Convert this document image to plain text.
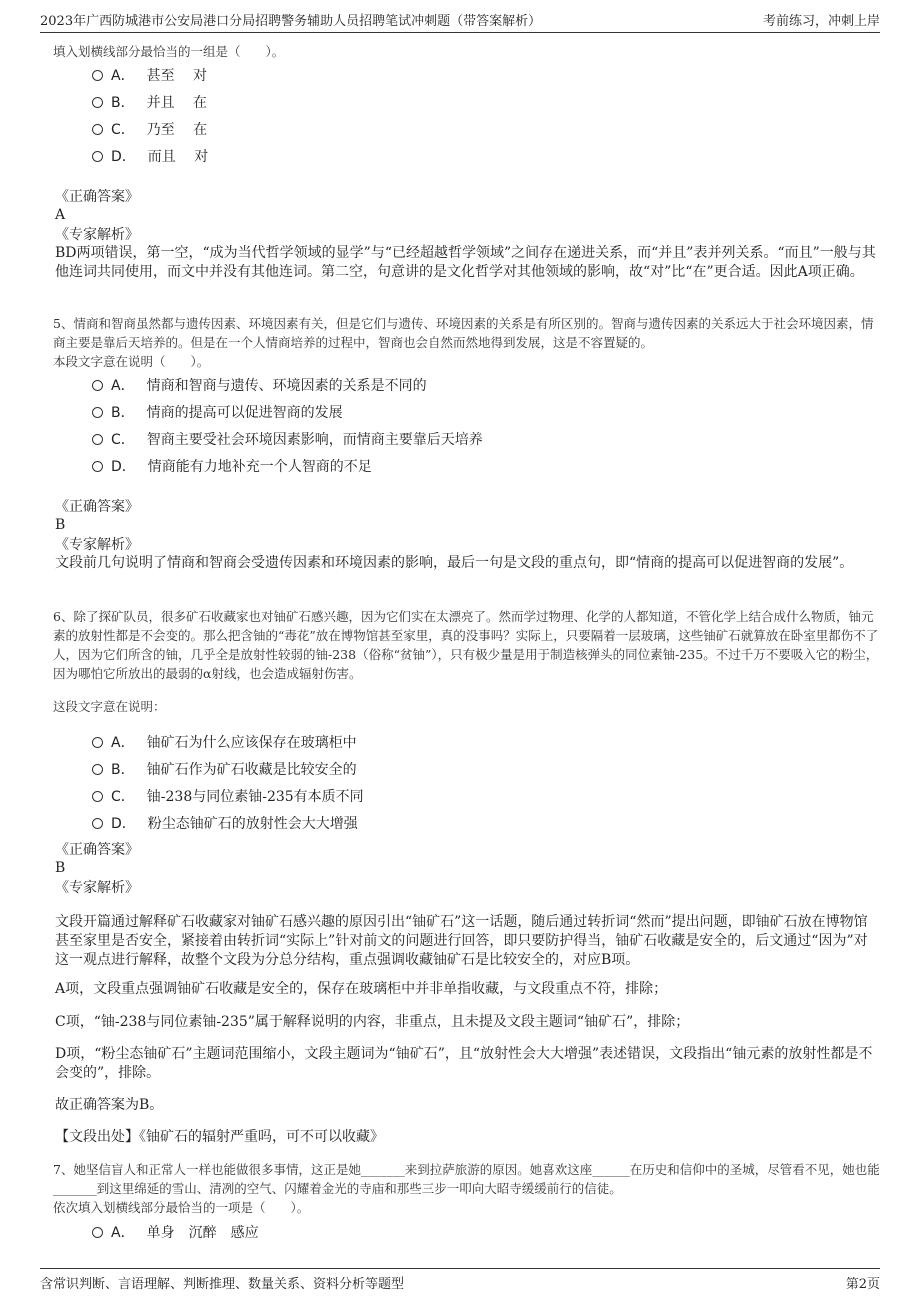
2023年广西防城港市公安局港口分局招聘警务辅助人员招聘笔试冲刺题（带答案解析）	考前练习，冲刺上岸
填入划横线部分最恰当的一组是（　　）。
A． 甚至　 对
B． 并且　 在
C． 乃至　 在
D． 而且　 对
《正确答案》
A
《专家解析》
BD两项错误，第一空，“成为当代哲学领域的显学”与“已经超越哲学领域”之间存在递进关系，而“并且”表并列关系。“而且”一般与其他连词共同使用，而文中并没有其他连词。第二空，句意讲的是文化哲学对其他领域的影响，故“对”比“在”更合适。因此A项正确。
5、情商和智商虽然都与遗传因素、环境因素有关，但是它们与遗传、环境因素的关系是有所区别的。智商与遗传因素的关系远大于社会环境因素，情商主要是靠后天培养的。但是在一个人情商培养的过程中，智商也会自然而然地得到发展，这是不容置疑的。
本段文字意在说明（　　）。
A． 情商和智商与遗传、环境因素的关系是不同的
B． 情商的提高可以促进智商的发展
C． 智商主要受社会环境因素影响，而情商主要靠后天培养
D． 情商能有力地补充一个人智商的不足
《正确答案》
B
《专家解析》
文段前几句说明了情商和智商会受遗传因素和环境因素的影响，最后一句是文段的重点句，即“情商的提高可以促进智商的发展”。
6、除了探矿队员，很多矿石收藏家也对铀矿石感兴趣，因为它们实在太漂亮了。然而学过物理、化学的人都知道，不管化学上结合成什么物质，铀元素的放射性都是不会变的。那么把含铀的“毒花”放在博物馆甚至家里，真的没事吗？实际上，只要隔着一层玻璃，这些铀矿石就算放在卧室里都伤不了人，因为它们所含的铀，几乎全是放射性较弱的铀-238（俗称“贫铀”），只有极少量是用于制造核弹头的同位素铀-235。不过千万不要吸入它的粉尘，因为哪怕它所放出的最弱的α射线，也会造成辐射伤害。
这段文字意在说明：
A． 铀矿石为什么应该保存在玻璃柜中
B． 铀矿石作为矿石收藏是比较安全的
C． 铀-238与同位素铀-235有本质不同
D． 粉尘态铀矿石的放射性会大大增强
《正确答案》
B
《专家解析》
文段开篇通过解释矿石收藏家对铀矿石感兴趣的原因引出“铀矿石”这一话题，随后通过转折词“然而”提出问题，即铀矿石放在博物馆甚至家里是否安全，紧接着由转折词“实际上”针对前文的问题进行回答，即只要防护得当，铀矿石收藏是安全的，后文通过“因为”对这一观点进行解释，故整个文段为分总分结构，重点强调收藏铀矿石是比较安全的，对应B项。
A项，文段重点强调铀矿石收藏是安全的，保存在玻璃柜中并非单指收藏，与文段重点不符，排除；
C项，“铀-238与同位素铀-235”属于解释说明的内容，非重点，且未提及文段主题词“铀矿石”，排除；
D项，“粉尘态铀矿石”主题词范围缩小，文段主题词为“铀矿石”，且“放射性会大大增强”表述错误，文段指出“铀元素的放射性都是不会变的”，排除。
故正确答案为B。
【文段出处】《铀矿石的辐射严重吗，可不可以收藏》
7、她坚信盲人和正常人一样也能做很多事情，这正是她_______来到拉萨旅游的原因。她喜欢这座______在历史和信仰中的圣城，尽管看不见，她也能_______到这里绵延的雪山、清冽的空气、闪耀着金光的寺庙和那些三步一叩向大昭寺缓缓前行的信徒。
依次填入划横线部分最恰当的一项是（　　）。
A． 单身　沉醉　感应
含常识判断、言语理解、判断推理、数量关系、资料分析等题型	第2页
